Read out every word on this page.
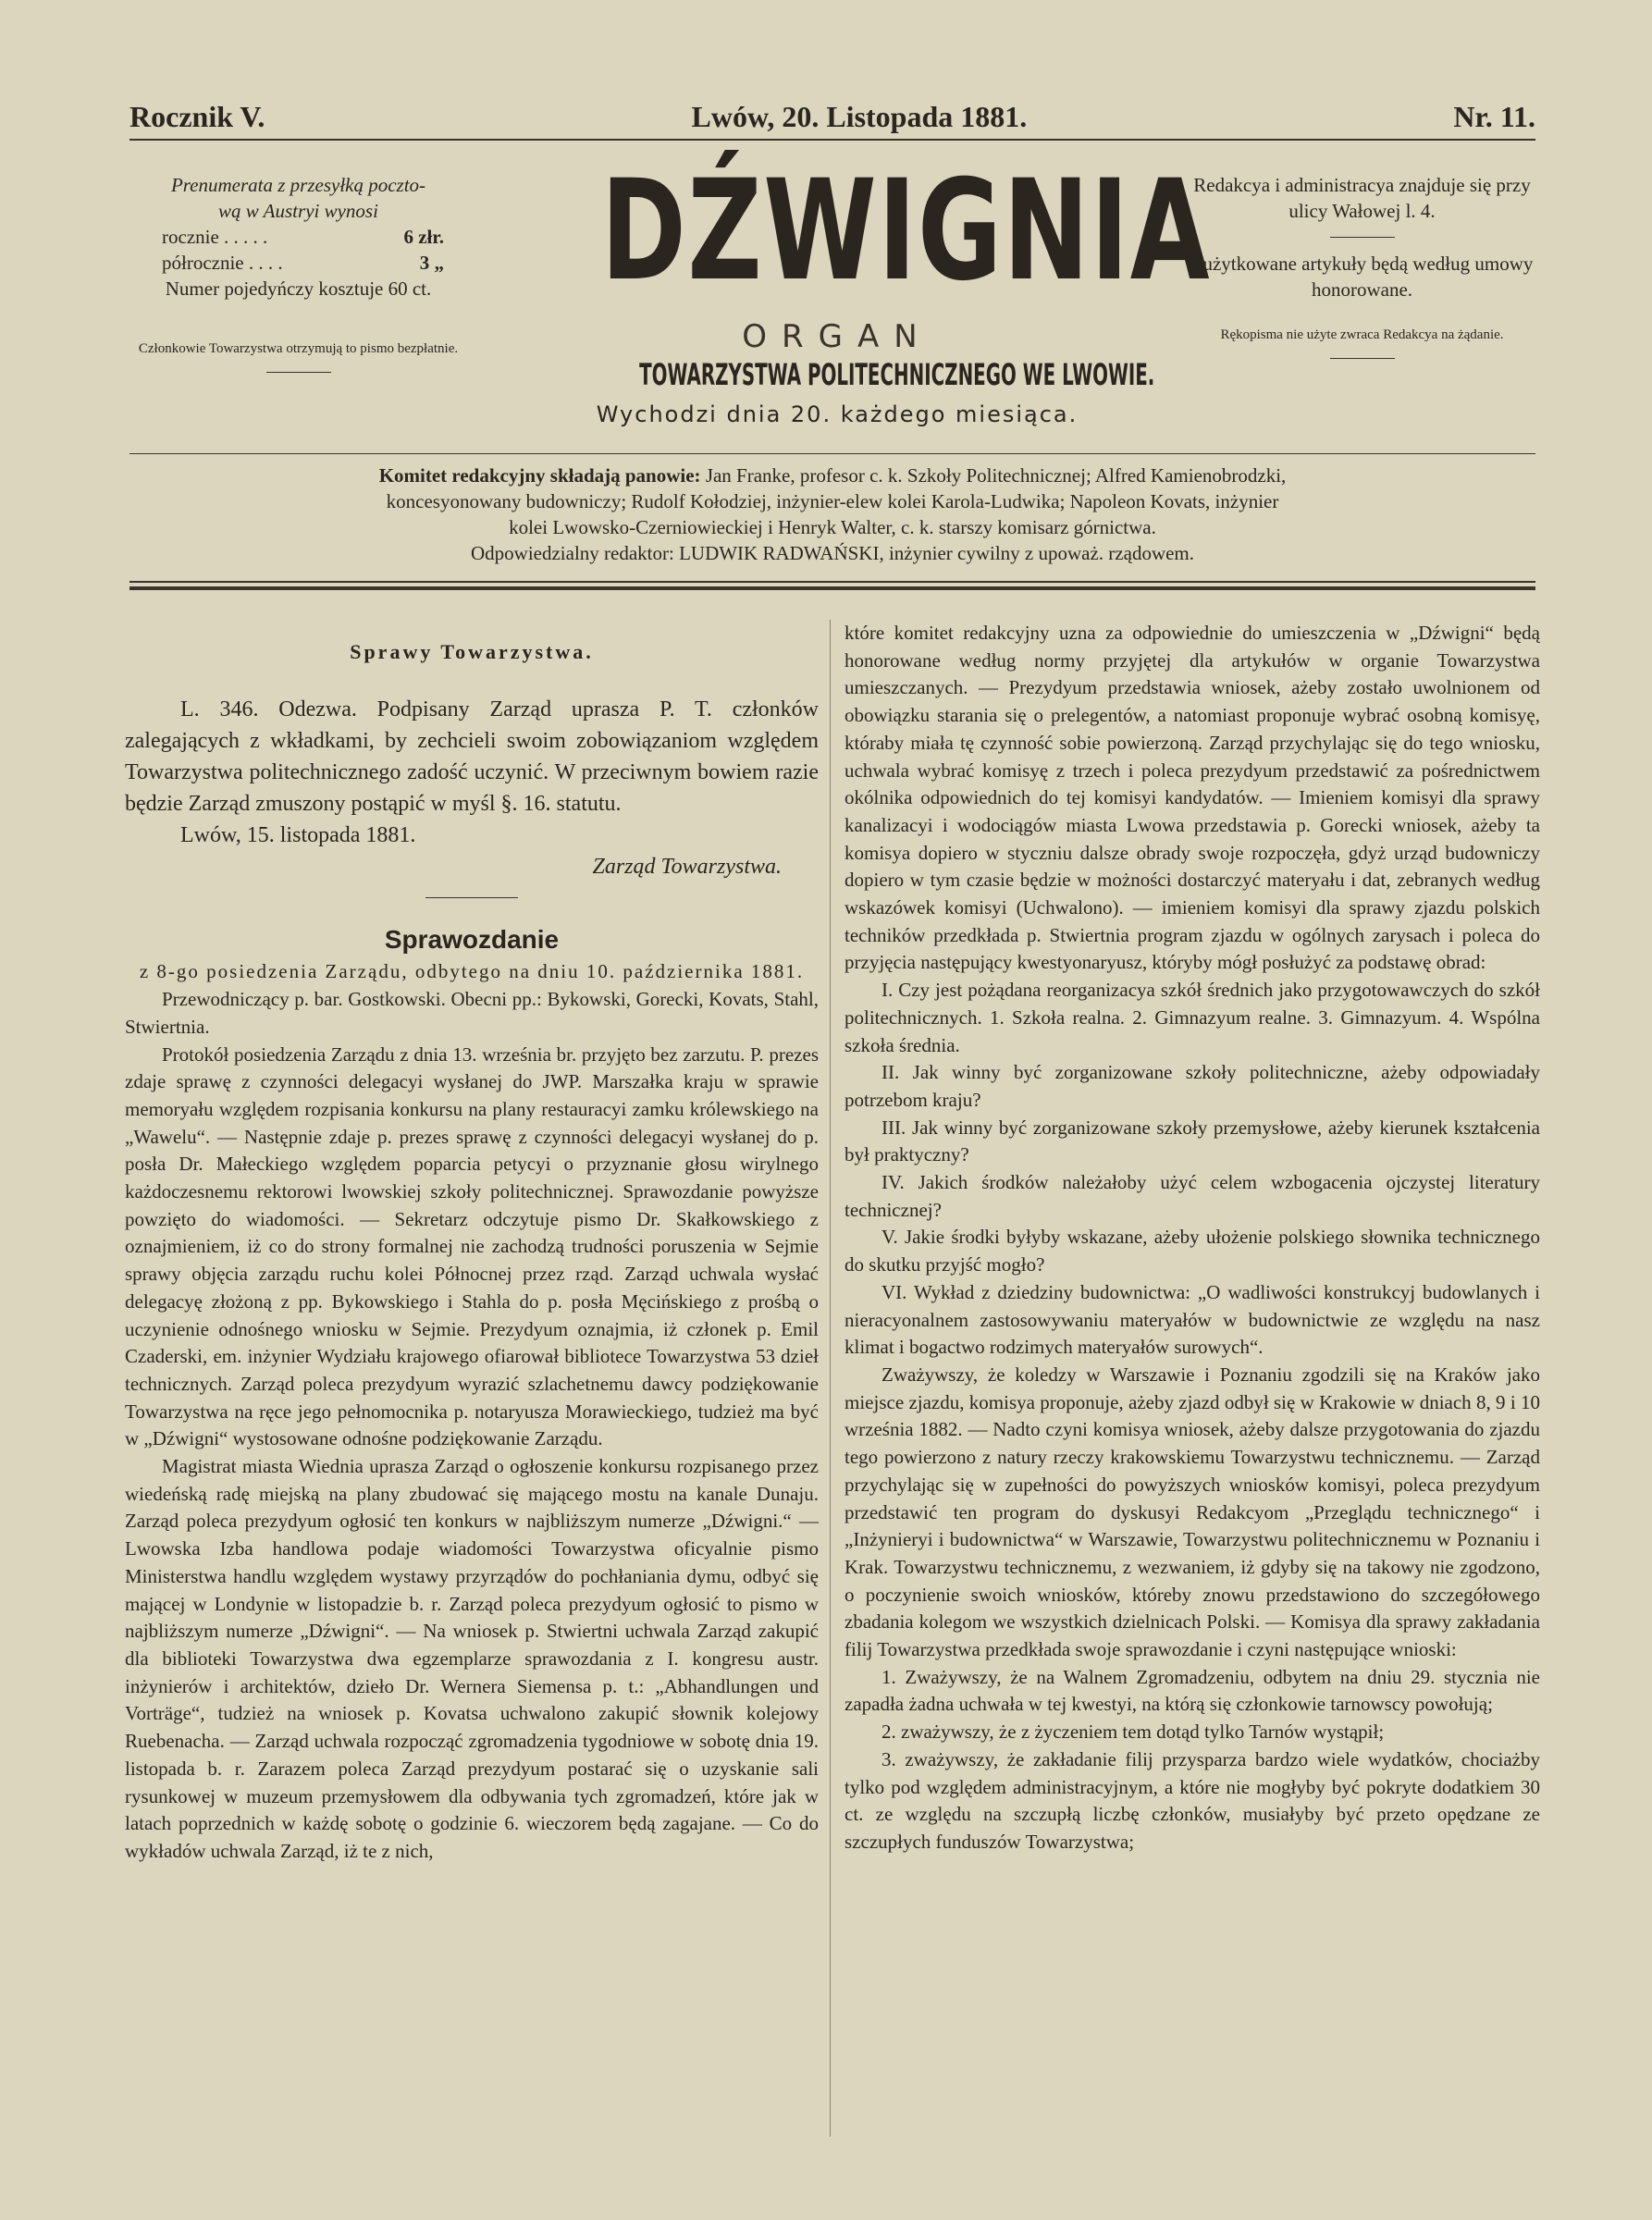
Rocznik V.	Lwów, 20. Listopada 1881.	Nr. 11.
Prenumerata z przesyłką poczto-
wą w Austryi wynosi
rocznie . . . . .	6 złr.
półrocznie . . . .	3 „
Numer pojedyńczy kosztuje 60 ct.
Członkowie Towarzystwa otrzymują to pismo bezpłatnie.
DŹWIGNIA
ORGAN
TOWARZYSTWA POLITECHNICZNEGO WE LWOWIE.
Wychodzi dnia 20. każdego miesiąca.
Redakcya i administracya znajduje się przy ulicy Wałowej l. 4.
Zużytkowane artykuły będą według umowy honorowane.
Rękopisma nie użyte zwraca Redakcya na żądanie.
Komitet redakcyjny składają panowie: Jan Franke, profesor c. k. Szkoły Politechnicznej; Alfred Kamienobrodzki,
koncesyonowany budowniczy; Rudolf Kołodziej, inżynier-elew kolei Karola-Ludwika; Napoleon Kovats, inżynier
kolei Lwowsko-Czerniowieckiej i Henryk Walter, c. k. starszy komisarz górnictwa.
Odpowiedzialny redaktor: LUDWIK RADWAŃSKI, inżynier cywilny z upoważ. rządowem.
Sprawy Towarzystwa.

L. 346. Odezwa. Podpisany Zarząd uprasza P. T. członków zalegających z wkładkami, by zechcieli swoim zobowiązaniom względem Towarzystwa politechnicznego zadość uczynić. W przeciwnym bowiem razie będzie Zarząd zmuszony postąpić w myśl §. 16. statutu.

Lwów, 15. listopada 1881.

Zarząd Towarzystwa.
Sprawozdanie
z 8-go posiedzenia Zarządu, odbytego na dniu 10. października 1881.

Przewodniczący p. bar. Gostkowski. Obecni pp.: Bykowski, Gorecki, Kovats, Stahl, Stwiertnia.

Protokół posiedzenia Zarządu z dnia 13. września br. przyjęto bez zarzutu. P. prezes zdaje sprawę z czynności delegacyi wysłanej do JWP. Marszałka kraju w sprawie memoryału względem rozpisania konkursu na plany restauracyi zamku królewskiego na „Wawelu“. — Następnie zdaje p. prezes sprawę z czynności delegacyi wysłanej do p. posła Dr. Małeckiego względem poparcia petycyi o przyznanie głosu wirylnego każdoczesnemu rektorowi lwowskiej szkoły politechnicznej. Sprawozdanie powyższe powzięto do wiadomości. — Sekretarz odczytuje pismo Dr. Skałkowskiego z oznajmieniem, iż co do strony formalnej nie zachodzą trudności poruszenia w Sejmie sprawy objęcia zarządu ruchu kolei Północnej przez rząd. Zarząd uchwala wysłać delegacyę złożoną z pp. Bykowskiego i Stahla do p. posła Męcińskiego z prośbą o uczynienie odnośnego wniosku w Sejmie. Prezydyum oznajmia, iż członek p. Emil Czaderski, em. inżynier Wydziału krajowego ofiarował bibliotece Towarzystwa 53 dzieł technicznych. Zarząd poleca prezydyum wyrazić szlachetnemu dawcy podziękowanie Towarzystwa na ręce jego pełnomocnika p. notaryusza Morawieckiego, tudzież ma być w „Dźwigni“ wystosowane odnośne podziękowanie Zarządu.

Magistrat miasta Wiednia uprasza Zarząd o ogłoszenie konkursu rozpisanego przez wiedeńską radę miejską na plany zbudować się mającego mostu na kanale Dunaju. Zarząd poleca prezydyum ogłosić ten konkurs w najbliższym numerze „Dźwigni.“ — Lwowska Izba handlowa podaje wiadomości Towarzystwa oficyalnie pismo Ministerstwa handlu względem wystawy przyrządów do pochłaniania dymu, odbyć się mającej w Londynie w listopadzie b. r. Zarząd poleca prezydyum ogłosić to pismo w najbliższym numerze „Dźwigni“. — Na wniosek p. Stwiertni uchwala Zarząd zakupić dla biblioteki Towarzystwa dwa egzemplarze sprawozdania z I. kongresu austr. inżynierów i architektów, dzieło Dr. Wernera Siemensa p. t.: „Abhandlungen und Vorträge“, tudzież na wniosek p. Kovatsa uchwalono zakupić słownik kolejowy Ruebenacha. — Zarząd uchwala rozpocząć zgromadzenia tygodniowe w sobotę dnia 19. listopada b. r. Zarazem poleca Zarząd prezydyum postarać się o uzyskanie sali rysunkowej w muzeum przemysłowem dla odbywania tych zgromadzeń, które jak w latach poprzednich w każdę sobotę o godzinie 6. wieczorem będą zagajane. — Co do wykładów uchwala Zarząd, iż te z nich,

które komitet redakcyjny uzna za odpowiednie do umieszczenia w „Dźwigni“ będą honorowane według normy przyjętej dla artykułów w organie Towarzystwa umieszczanych. — Prezydyum przedstawia wniosek, ażeby zostało uwolnionem od obowiązku starania się o prelegentów, a natomiast proponuje wybrać osobną komisyę, któraby miała tę czynność sobie powierzoną. Zarząd przychylając się do tego wniosku, uchwala wybrać komisyę z trzech i poleca prezydyum przedstawić za pośrednictwem okólnika odpowiednich do tej komisyi kandydatów. — Imieniem komisyi dla sprawy kanalizacyi i wodociągów miasta Lwowa przedstawia p. Gorecki wniosek, ażeby ta komisya dopiero w styczniu dalsze obrady swoje rozpoczęła, gdyż urząd budowniczy dopiero w tym czasie będzie w możności dostarczyć materyału i dat, zebranych według wskazówek komisyi (Uchwalono). — imieniem komisyi dla sprawy zjazdu polskich techników przedkłada p. Stwiertnia program zjazdu w ogólnych zarysach i poleca do przyjęcia następujący kwestyonaryusz, któryby mógł posłużyć za podstawę obrad:

I. Czy jest pożądana reorganizacya szkół średnich jako przygotowawczych do szkół politechnicznych. 1. Szkoła realna. 2. Gimnazyum realne. 3. Gimnazyum. 4. Wspólna szkoła średnia.

II. Jak winny być zorganizowane szkoły politechniczne, ażeby odpowiadały potrzebom kraju?

III. Jak winny być zorganizowane szkoły przemysłowe, ażeby kierunek kształcenia był praktyczny?

IV. Jakich środków należałoby użyć celem wzbogacenia ojczystej literatury technicznej?

V. Jakie środki byłyby wskazane, ażeby ułożenie polskiego słownika technicznego do skutku przyjść mogło?

VI. Wykład z dziedziny budownictwa: „O wadliwości konstrukcyj budowlanych i nieracyonalnem zastosowywaniu materyałów w budownictwie ze względu na nasz klimat i bogactwo rodzimych materyałów surowych“.

Zważywszy, że koledzy w Warszawie i Poznaniu zgodzili się na Kraków jako miejsce zjazdu, komisya proponuje, ażeby zjazd odbył się w Krakowie w dniach 8, 9 i 10 września 1882. — Nadto czyni komisya wniosek, ażeby dalsze przygotowania do zjazdu tego powierzono z natury rzeczy krakowskiemu Towarzystwu technicznemu. — Zarząd przychylając się w zupełności do powyższych wniosków komisyi, poleca prezydyum przedstawić ten program do dyskusyi Redakcyom „Przeglądu technicznego“ i „Inżynieryi i budownictwa“ w Warszawie, Towarzystwu politechnicznemu w Poznaniu i Krak. Towarzystwu technicznemu, z wezwaniem, iż gdyby się na takowy nie zgodzono, o poczynienie swoich wniosków, któreby znowu przedstawiono do szczegółowego zbadania kolegom we wszystkich dzielnicach Polski. — Komisya dla sprawy zakładania filij Towarzystwa przedkłada swoje sprawozdanie i czyni następujące wnioski:

1. Zważywszy, że na Walnem Zgromadzeniu, odbytem na dniu 29. stycznia nie zapadła żadna uchwała w tej kwestyi, na którą się członkowie tarnowscy powołują;

2. zważywszy, że z życzeniem tem dotąd tylko Tarnów wystąpił;

3. zważywszy, że zakładanie filij przysparza bardzo wiele wydatków, chociażby tylko pod względem administracyjnym, a które nie mogłyby być pokryte dodatkiem 30 ct. ze względu na szczupłą liczbę członków, musiałyby być przeto opędzane ze szczupłych funduszów Towarzystwa;
